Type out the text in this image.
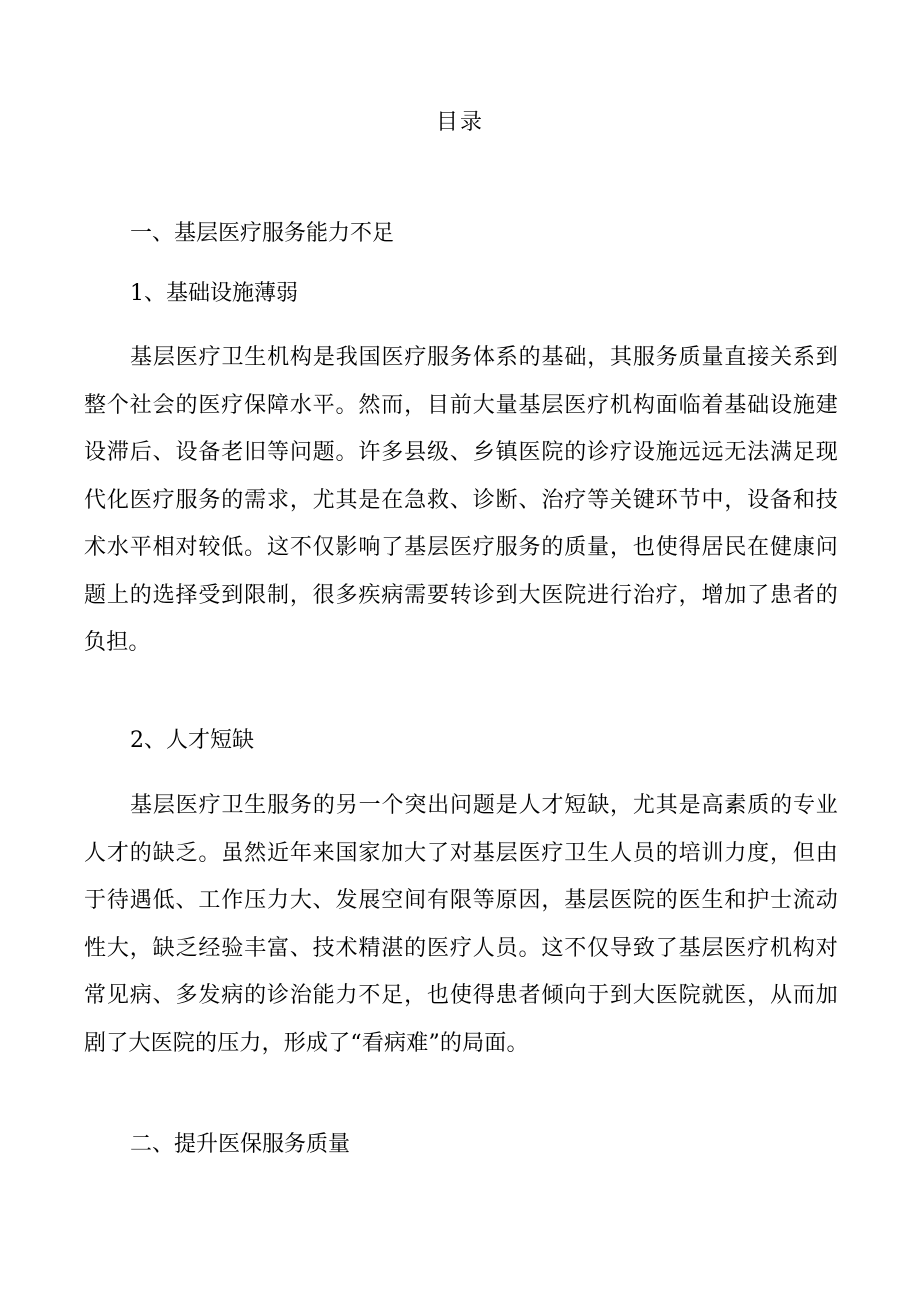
目录
一、基层医疗服务能力不足
1、基础设施薄弱
基层医疗卫生机构是我国医疗服务体系的基础，其服务质量直接关系到整个社会的医疗保障水平。然而，目前大量基层医疗机构面临着基础设施建设滞后、设备老旧等问题。许多县级、乡镇医院的诊疗设施远远无法满足现代化医疗服务的需求，尤其是在急救、诊断、治疗等关键环节中，设备和技术水平相对较低。这不仅影响了基层医疗服务的质量，也使得居民在健康问题上的选择受到限制，很多疾病需要转诊到大医院进行治疗，增加了患者的负担。
2、人才短缺
基层医疗卫生服务的另一个突出问题是人才短缺，尤其是高素质的专业人才的缺乏。虽然近年来国家加大了对基层医疗卫生人员的培训力度，但由于待遇低、工作压力大、发展空间有限等原因，基层医院的医生和护士流动性大，缺乏经验丰富、技术精湛的医疗人员。这不仅导致了基层医疗机构对常见病、多发病的诊治能力不足，也使得患者倾向于到大医院就医，从而加剧了大医院的压力，形成了“看病难”的局面。
二、提升医保服务质量
